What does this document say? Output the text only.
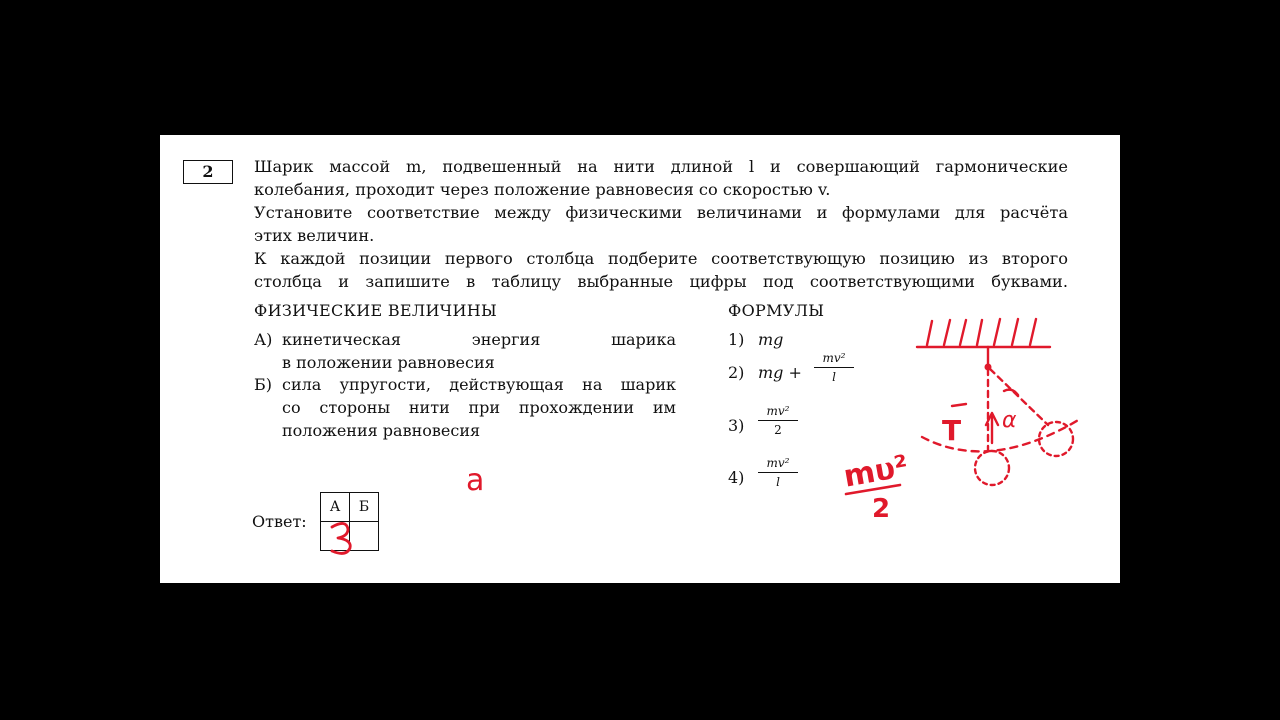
2	Шарик массой m, подвешенный на нити длиной l и совершающий гармонические
колебания, проходит через положение равновесия со скоростью v.
Установите соответствие между физическими величинами и формулами для расчёта
этих величин.
К каждой позиции первого столбца подберите соответствующую позицию из второго
столбца и запишите в таблицу выбранные цифры под соответствующими буквами.
ФИЗИЧЕСКИЕ ВЕЛИЧИНЫ
А) кинетическая энергия шарика
в положении равновесия
Б) сила упругости, действующая на шарик
со стороны нити при прохождении им
положения равновесия
ФОРМУЛЫ
1) mg
2) mg +
mv²
l
3)
mv²
2
4)
mv²
l
Ответ:
А	Б

T α
a	mυ²
2
